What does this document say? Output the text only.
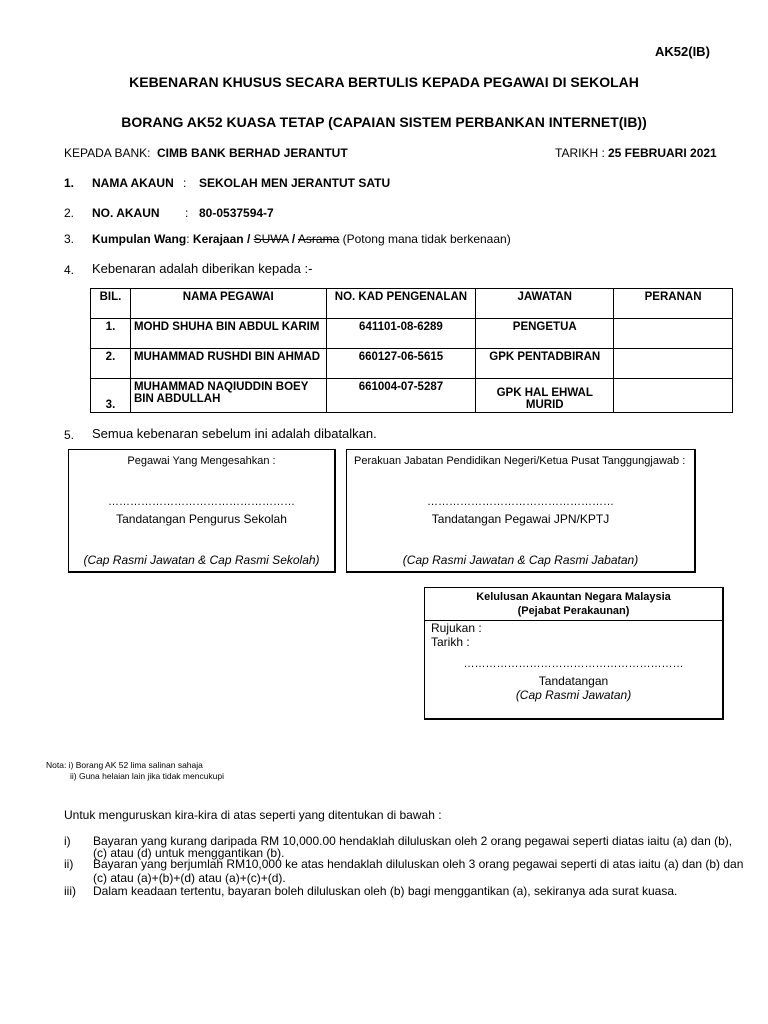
AK52(IB)
KEBENARAN KHUSUS SECARA BERTULIS KEPADA PEGAWAI DI SEKOLAH
BORANG AK52 KUASA TETAP (CAPAIAN SISTEM PERBANKAN INTERNET(IB))
KEPADA BANK: CIMB BANK BERHAD JERANTUT	TARIKH : 25 FEBRUARI 2021
1. NAMA AKAUN : SEKOLAH MEN JERANTUT SATU
2. NO. AKAUN : 80-0537594-7
3. Kumpulan Wang: Kerajaan / SUWA / Asrama (Potong mana tidak berkenaan)
4. Kebenaran adalah diberikan kepada :-
BIL.	NAMA PEGAWAI	NO. KAD PENGENALAN	JAWATAN	PERANAN
1.	MOHD SHUHA BIN ABDUL KARIM	641101-08-6289	PENGETUA	
2.	MUHAMMAD RUSHDI BIN AHMAD	660127-06-5615	GPK PENTADBIRAN	
3.	MUHAMMAD NAQIUDDIN BOEY BIN ABDULLAH	661004-07-5287	GPK HAL EHWAL MURID	
5. Semua kebenaran sebelum ini adalah dibatalkan.
Pegawai Yang Mengesahkan :
……………………………………………
Tandatangan Pengurus Sekolah
(Cap Rasmi Jawatan & Cap Rasmi Sekolah)
Perakuan Jabatan Pendidikan Negeri/Ketua Pusat Tanggungjawab :
……………………………………………
Tandatangan Pegawai JPN/KPTJ
(Cap Rasmi Jawatan & Cap Rasmi Jabatan)
Kelulusan Akauntan Negara Malaysia (Pejabat Perakaunan)
Rujukan :
Tarikh :
……………………………………………………
Tandatangan
(Cap Rasmi Jawatan)
Nota: i) Borang AK 52 lima salinan sahaja
ii) Guna helaian lain jika tidak mencukupi
Untuk menguruskan kira-kira di atas seperti yang ditentukan di bawah :
i) Bayaran yang kurang daripada RM 10,000.00 hendaklah diluluskan oleh 2 orang pegawai seperti diatas iaitu (a) dan (b),
(c) atau (d) untuk menggantikan (b).
ii) Bayaran yang berjumlah RM10,000 ke atas hendaklah diluluskan oleh 3 orang pegawai seperti di atas iaitu (a) dan (b) dan
(c) atau (a)+(b)+(d) atau (a)+(c)+(d).
iii) Dalam keadaan tertentu, bayaran boleh diluluskan oleh (b) bagi menggantikan (a), sekiranya ada surat kuasa.
